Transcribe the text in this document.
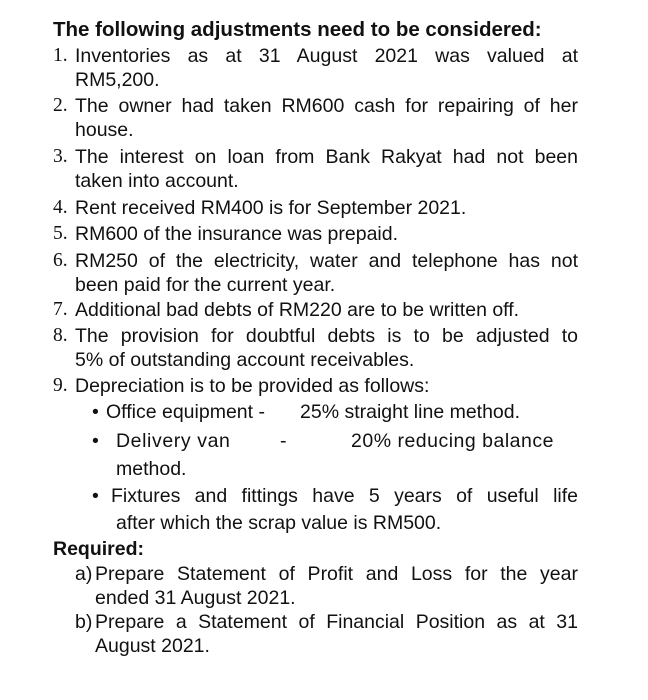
The following adjustments need to be considered:
1. Inventories as at 31 August 2021 was valued at
RM5,200.
2. The owner had taken RM600 cash for repairing of her
house.
3. The interest on loan from Bank Rakyat had not been
taken into account.
4. Rent received RM400 is for September 2021.
5. RM600 of the insurance was prepaid.
6. RM250 of the electricity, water and telephone has not
been paid for the current year.
7. Additional bad debts of RM220 are to be written off.
8. The provision for doubtful debts is to be adjusted to
5% of outstanding account receivables.
9. Depreciation is to be provided as follows:
• Office equipment - 25% straight line method.
• Delivery van	-	20% reducing balance
method.
• Fixtures and fittings have 5 years of useful life
after which the scrap value is RM500.
Required:
a) Prepare Statement of Profit and Loss for the year
ended 31 August 2021.
b) Prepare a Statement of Financial Position as at 31
August 2021.
